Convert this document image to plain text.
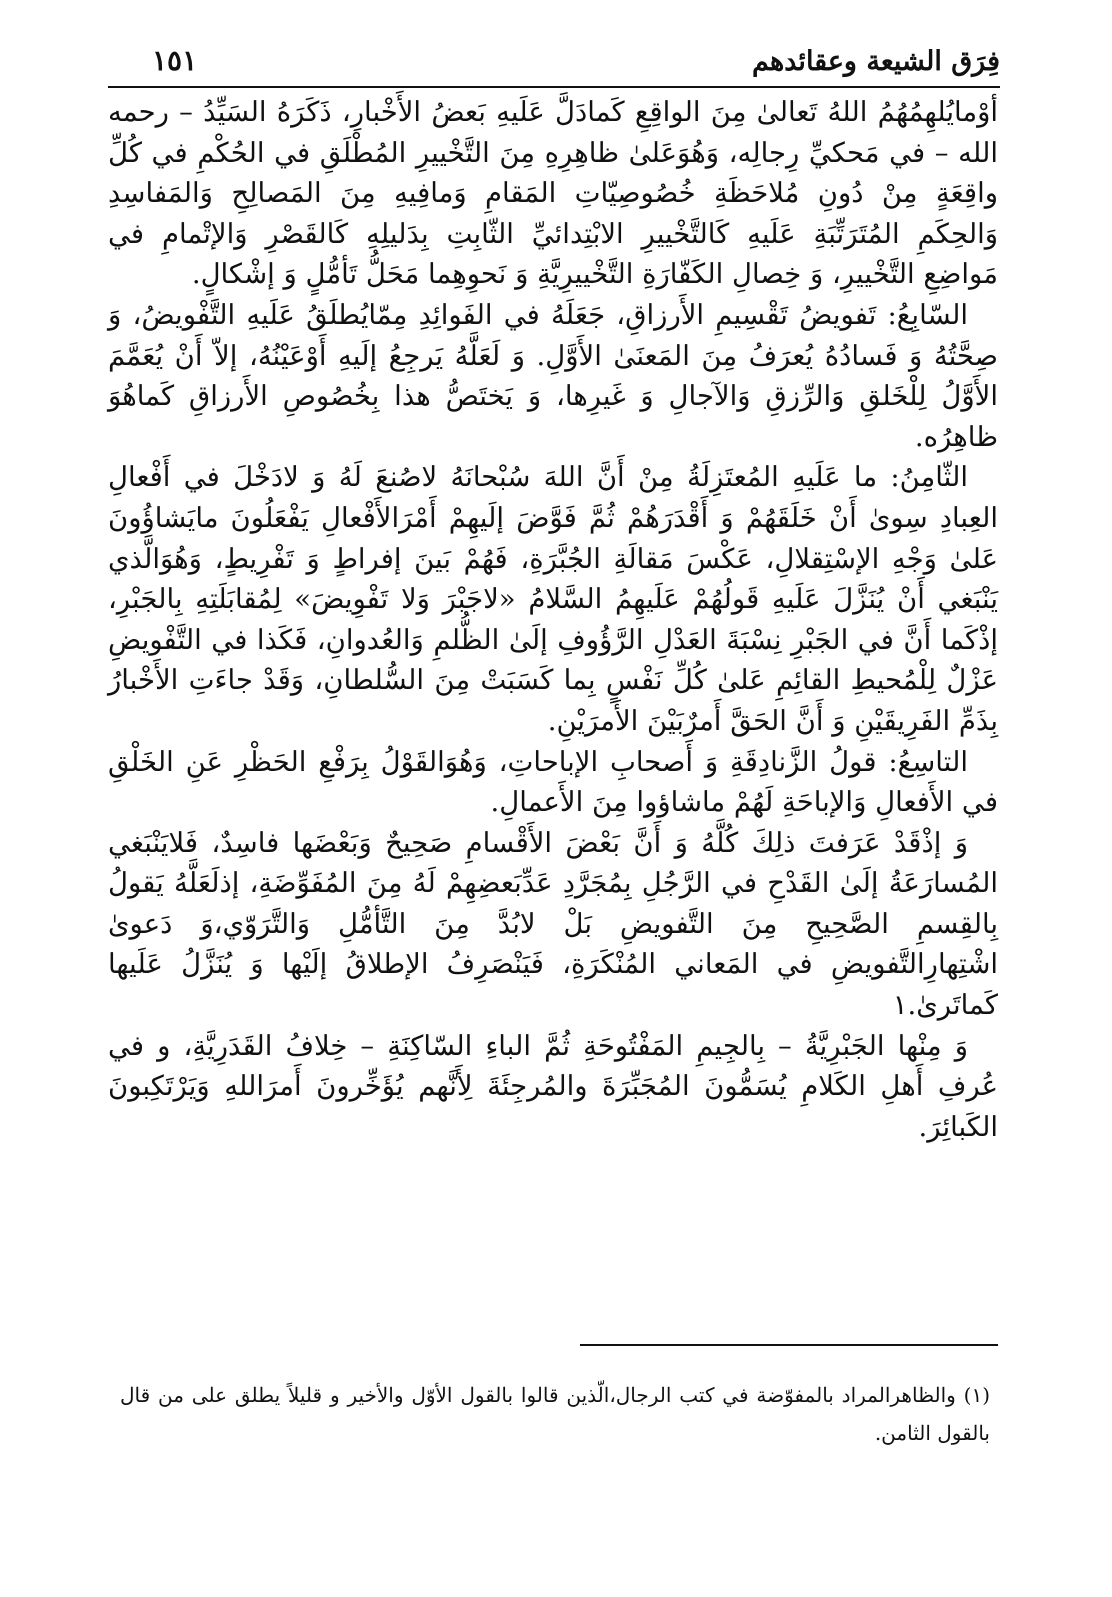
فِرَق الشيعة وعقائدهم
١٥١

أوْمايُلهِمُهُمُ اللهُ تَعالىٰ مِنَ الواقِعِ كَمادَلَّ عَلَيهِ بَعضُ الأَخْبارِ، ذَكَرَهُ السَيِّدُ – رحمه الله – في مَحكيِّ رِجالِه، وَهُوَعَلىٰ ظاهِرِهِ مِنَ التَّخْييرِ المُطْلَقِ في الحُكْمِ في كُلِّ واقِعَةٍ مِنْ دُونِ مُلاحَظَةِ خُصُوصِيّاتِ المَقامِ وَمافِيهِ مِنَ المَصالِحِ وَالمَفاسِدِ وَالحِكَمِ المُتَرَتِّبَةِ عَلَيهِ كَالتَّخْييرِ الابْتِدائيِّ الثّابِتِ بِدَليلِهِ كَالقَصْرِ وَالإتْمامِ في مَواضِعِ التَّخْييرِ، وَ خِصالِ الكَفّارَةِ التَّخْييرِيَّةِ وَ نَحوِهِما مَحَلُّ تَأمُّلٍ وَ إشْكالٍ.

السّابِعُ: تَفويضُ تَقْسِيمِ الأَرزاقِ، جَعَلَهُ في الفَوائِدِ مِمّايُطلَقُ عَلَيهِ التَّفْويضُ، وَ صِحَّتُهُ وَ فَسادُهُ يُعرَفُ مِنَ المَعنَىٰ الأَوَّلِ. وَ لَعَلَّهُ يَرجِعُ إلَيهِ أَوْعَيْنُهُ، إلاّ أَنْ يُعَمَّمَ الأَوَّلُ لِلْخَلقِ وَالرِّزقِ وَالآجالِ وَ غَيرِها، وَ يَختَصُّ هذا بِخُصُوصِ الأَرزاقِ كَماهُوَ ظاهِرُه.

الثّامِنُ: ما عَلَيهِ المُعتَزِلَةُ مِنْ أَنَّ اللهَ سُبْحانَهُ لاصُنعَ لَهُ وَ لادَخْلَ في أَفْعالِ العِبادِ سِوىٰ أَنْ خَلَقَهُمْ وَ أَقْدَرَهُمْ ثُمَّ فَوَّضَ إلَيهِمْ أَمْرَالأَفْعالِ يَفْعَلُونَ مايَشاؤُونَ عَلىٰ وَجْهِ الإسْتِقلالِ، عَكْسَ مَقالَةِ الجُبَّرَةِ، فَهُمْ بَينَ إفراطٍ وَ تَفْرِيطٍ، وَهُوَالَّذي يَنْبَغي أَنْ يُنَزَّلَ عَلَيهِ قَولُهُمْ عَلَيهِمُ السَّلامُ «لاجَبْرَ وَلا تَفْوِيضَ» لِمُقابَلَتِهِ بِالجَبْرِ، إذْكَما أَنَّ في الجَبْرِ نِسْبَةَ العَدْلِ الرَّؤُوفِ إلَىٰ الظُّلمِ وَالعُدوانِ، فَكَذا في التَّفْويضِ عَزْلٌ لِلْمُحيطِ القائِمِ عَلىٰ كُلِّ نَفْسٍ بِما كَسَبَتْ مِنَ السُّلطانِ، وَقَدْ جاءَتِ الأَخْبارُ بِذَمِّ الفَرِيقَيْنِ وَ أَنَّ الحَقَّ أَمرٌبَيْنَ الأَمرَيْنِ.

التاسِعُ: قولُ الزَّنادِقَةِ وَ أَصحابِ الإباحاتِ، وَهُوَالقَوْلُ بِرَفْعِ الحَظْرِ عَنِ الخَلْقِ في الأَفعالِ وَالإباحَةِ لَهُمْ ماشاؤوا مِنَ الأَعمالِ.

وَ إذْقَدْ عَرَفتَ ذلِكَ كُلَّهُ وَ أَنَّ بَعْضَ الأَقْسامِ صَحِيحٌ وَبَعْضَها فاسِدٌ، فَلايَنْبَغي المُسارَعَةُ إلَىٰ القَدْحِ في الرَّجُلِ بِمُجَرَّدِ عَدِّبَعضِهِمْ لَهُ مِنَ المُفَوِّضَةِ، إذلَعَلَّهُ يَقولُ بِالقِسمِ الصَّحِيحِ مِنَ التَّفويضِ بَلْ لابُدَّ مِنَ التَّأمُّلِ وَالتَّرَوّي،وَ دَعوىٰ اشْتِهارِالتَّفويضِ في المَعاني المُنْكَرَةِ، فَيَنْصَرِفُ الإطلاقُ إلَيْها وَ يُنَزَّلُ عَلَيها كَماتَرىٰ.١

وَ مِنْها الجَبْرِيَّةُ – بِالجِيمِ المَفْتُوحَةِ ثُمَّ الباءِ السّاكِنَةِ – خِلافُ القَدَرِيَّةِ، و في عُرفِ أَهلِ الكَلامِ يُسَمُّونَ المُجَبِّرَةَ والمُرجِئَةَ لِأَنَّهم يُؤَخِّرونَ أَمرَاللهِ وَيَرْتَكِبونَ الكَبائِرَ.

(١) والظاهرالمراد بالمفوّضة في كتب الرجال،الّذين قالوا بالقول الأوّل والأخير و قليلاً يطلق على من قال بالقول الثامن.
